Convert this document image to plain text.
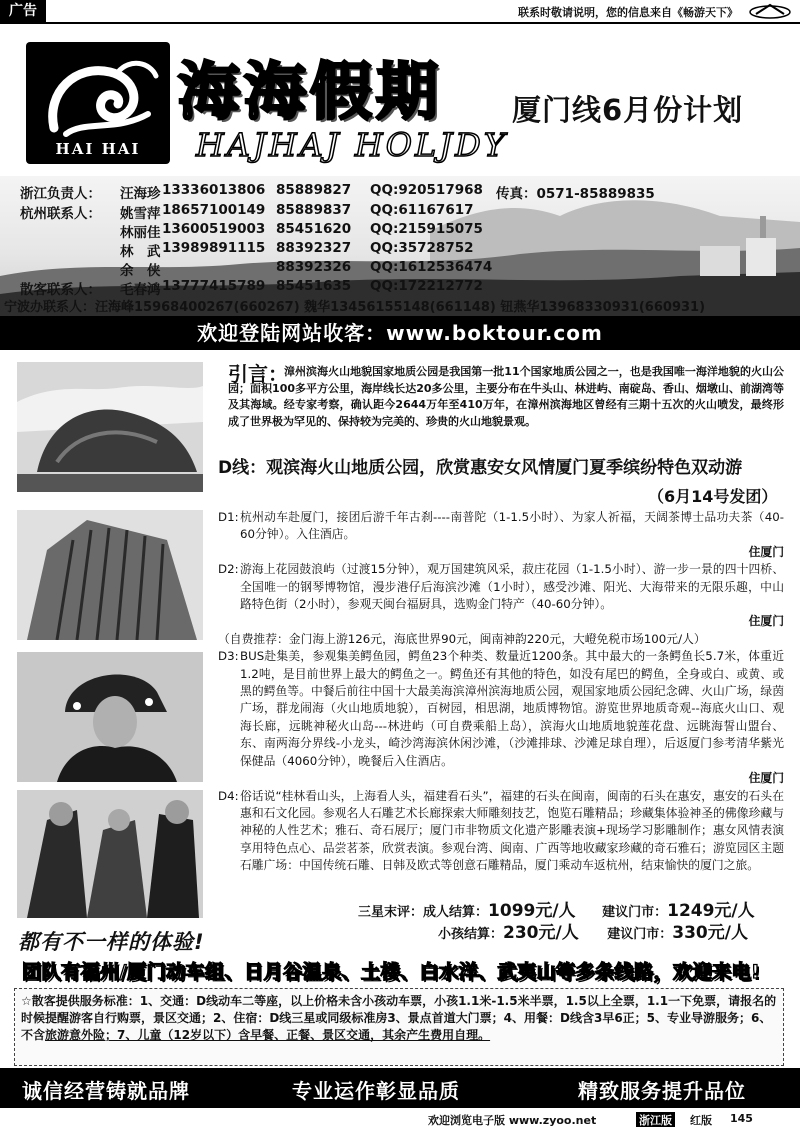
广告	联系时敬请说明，您的信息来自《畅游天下》
HAI HAI
海海假期
HAJHAJ HOLJDY
厦门线6月份计划
浙江负责人： 汪海珍 13336013806 85889827 QQ:920517968 传真：0571-85889835
杭州联系人： 姚雪萍 18657100149 85889837 QQ:61167617
林丽佳 13600519003 85451620 QQ:215915075
林　武 13989891115 88392327 QQ:35728752
余　侠	88392326 QQ:1612536474
散客联系人： 毛春鸿 13777415789 85451635 QQ:172212772
宁波办联系人：汪海峰15968400267(660267) 魏华13456155148(661148) 钮燕华13968330931(660931)
欢迎登陆网站收客：www.boktour.com
引言：
漳州滨海火山地貌国家地质公园是我国第一批11个国家地质公园之一，也是我国唯一海洋地貌的火山公园；面积100多平方公里，海岸线长达20多公里，主要分布在牛头山、林进屿、南碇岛、香山、烟墩山、前湖湾等及其海域。经专家考察，确认距今2644万年至410万年，在漳州滨海地区曾经有三期十五次的火山喷发，最终形成了世界极为罕见的、保持较为完美的、珍贵的火山地貌景观。
D线：观滨海火山地质公园，欣赏惠安女风情厦门夏季缤纷特色双动游
（6月14号发团）
D1: 杭州动车赴厦门，接团后游千年古刹----南普陀（1-1.5小时）、为家人祈福，天阔茶博士品功夫茶（40-60分钟）。入住酒店。
住厦门
D2: 游海上花园鼓浪屿（过渡15分钟），观万国建筑风采，菽庄花园（1-1.5小时）、游一步一景的四十四桥、全国唯一的钢琴博物馆，漫步港仔后海滨沙滩（1小时），感受沙滩、阳光、大海带来的无限乐趣，中山路特色街（2小时），参观天闽台福厨具，选购金门特产（40-60分钟）。
住厦门
（自费推荐：金门海上游126元，海底世界90元，闽南神韵220元，大嶝免税市场100元/人）
D3: BUS赴集美，参观集美鳄鱼园，鳄鱼23个种类、数量近1200条。其中最大的一条鳄鱼长5.7米，体重近1.2吨，是目前世界上最大的鳄鱼之一。鳄鱼还有其他的特色，如没有尾巴的鳄鱼，全身或白、或黄、或黑的鳄鱼等。中餐后前往中国十大最美海滨漳州滨海地质公园，观国家地质公园纪念碑、火山广场，绿茵广场，群龙闹海（火山地质地貌），百树园，相思湖，地质博物馆。游览世界地质奇观--海底火山口、观海长廊，远眺神秘火山岛---林进屿（可自费乘船上岛），滨海火山地质地貌莲花盘、远眺海誓山盟台、东、南两海分界线-小龙头，崎沙湾海滨休闲沙滩，（沙滩排球、沙滩足球自理），后返厦门参考清华紫光保健品（4060分钟），晚餐后入住酒店。
住厦门
D4: 俗话说“桂林看山头，上海看人头，福建看石头”，福建的石头在闽南，闽南的石头在惠安，惠安的石头在惠和石文化园。参观名人石雕艺术长廊探索大师雕刻技艺，饱览石雕精品；珍藏集体验神圣的佛像珍藏与神秘的人性艺术；雅石、奇石展厅；厦门市非物质文化遗产影雕表演+现场学习影雕制作；惠女风情表演享用特色点心、品尝茗茶，欣赏表演。参观台湾、闽南、广西等地收藏家珍藏的奇石雅石；游览园区主题石雕广场：中国传统石雕、日韩及欧式等创意石雕精品，厦门乘动车返杭州，结束愉快的厦门之旅。
三星末评：成人结算：1099元/人 建议门市：1249元/人
小孩结算：230元/人 建议门市：330元/人
都有不一样的体验!
团队有福州/厦门动车组、日月谷温泉、土楼、白水洋、武夷山等多条线路，欢迎来电!
☆散客提供服务标准：1、交通：D线动车二等座，以上价格未含小孩动车票，小孩1.1米-1.5米半票，1.5以上全票，1.1一下免票，请报名的时候提醒游客自行购票，景区交通；2、住宿：D线三星或同级标准房3、景点首道大门票；4、用餐：D线含3早6正；5、专业导游服务；6、不含旅游意外险；7、儿童（12岁以下）含早餐、正餐、景区交通，其余产生费用自理。
诚信经营铸就品牌	专业运作彰显品质	精致服务提升品位
欢迎浏览电子版 www.zyoo.net	浙江版 红版 145
